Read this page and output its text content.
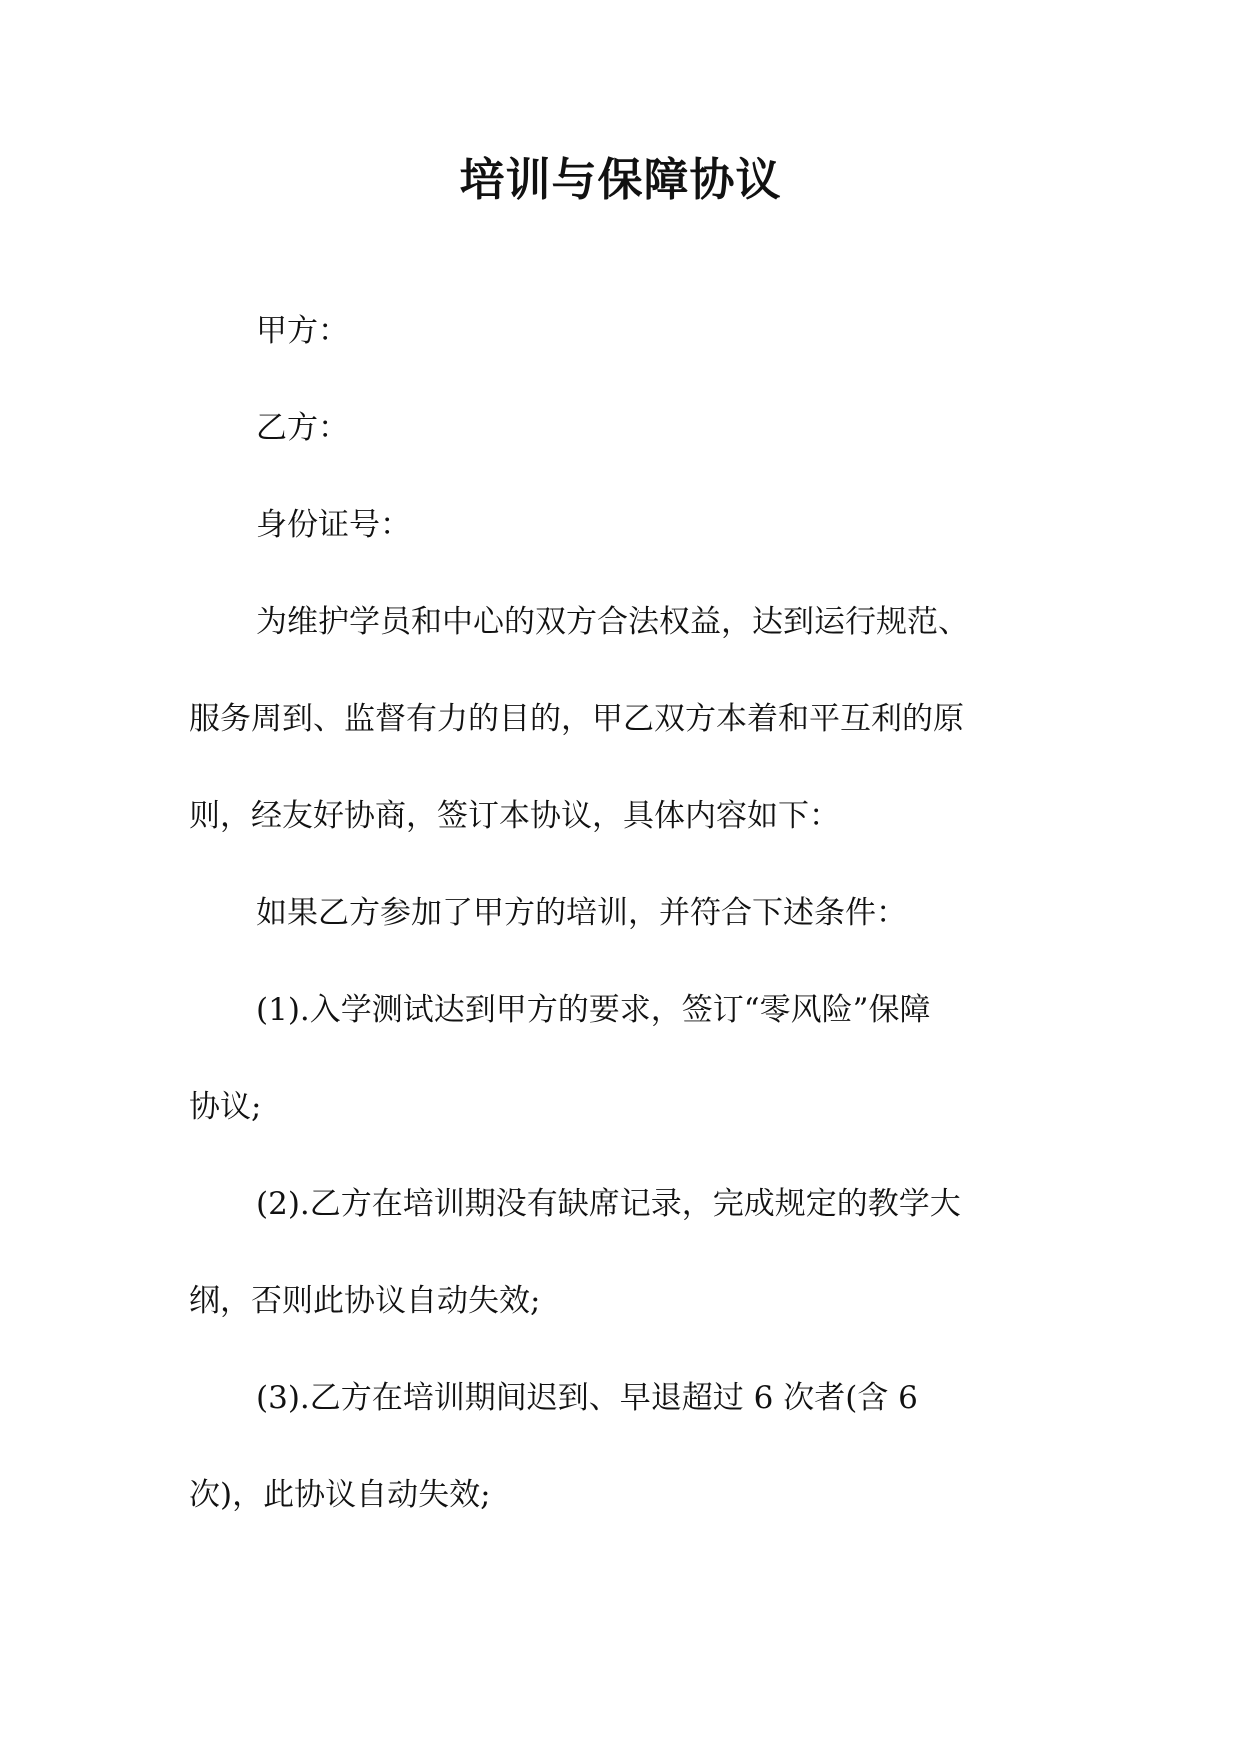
培训与保障协议
甲方：
乙方：
身份证号：
为维护学员和中心的双方合法权益，达到运行规范、
服务周到、监督有力的目的，甲乙双方本着和平互利的原
则，经友好协商，签订本协议，具体内容如下：
如果乙方参加了甲方的培训，并符合下述条件：
(1).入学测试达到甲方的要求，签订“零风险”保障
协议;
(2).乙方在培训期没有缺席记录，完成规定的教学大
纲，否则此协议自动失效;
(3).乙方在培训期间迟到、早退超过 6 次者(含 6
次)，此协议自动失效;
